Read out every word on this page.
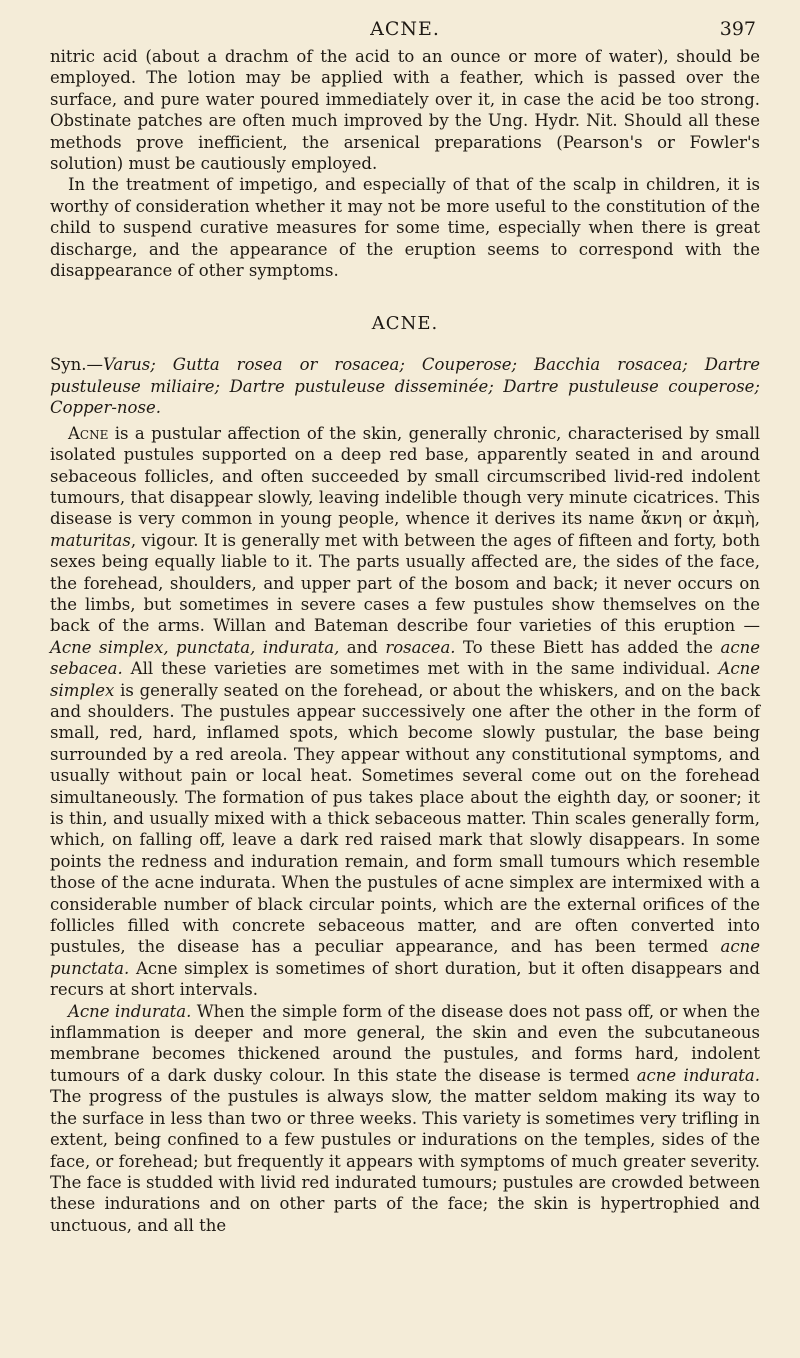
ACNE.	397

nitric acid (about a drachm of the acid to an ounce or more of water), should be employed. The lotion may be applied with a feather, which is passed over the surface, and pure water poured immediately over it, in case the acid be too strong. Obstinate patches are often much improved by the Ung. Hydr. Nit. Should all these methods prove inefficient, the arsenical preparations (Pearson's or Fowler's solution) must be cautiously employed.

In the treatment of impetigo, and especially of that of the scalp in children, it is worthy of consideration whether it may not be more useful to the constitution of the child to suspend curative measures for some time, especially when there is great discharge, and the appearance of the eruption seems to correspond with the disappearance of other symptoms.

ACNE.

Syn.—Varus; Gutta rosea or rosacea; Couperose; Bacchia rosacea; Dartre pustuleuse miliaire; Dartre pustuleuse disseminée; Dartre pustuleuse couperose; Copper-nose.

Acne is a pustular affection of the skin, generally chronic, characterised by small isolated pustules supported on a deep red base, apparently seated in and around sebaceous follicles, and often succeeded by small circumscribed livid-red indolent tumours, that disappear slowly, leaving indelible though very minute cicatrices. This disease is very common in young people, whence it derives its name ἄκνη or ἀκμὴ, maturitas, vigour. It is generally met with between the ages of fifteen and forty, both sexes being equally liable to it. The parts usually affected are, the sides of the face, the forehead, shoulders, and upper part of the bosom and back; it never occurs on the limbs, but sometimes in severe cases a few pustules show themselves on the back of the arms. Willan and Bateman describe four varieties of this eruption — Acne simplex, punctata, indurata, and rosacea. To these Biett has added the acne sebacea. All these varieties are sometimes met with in the same individual. Acne simplex is generally seated on the forehead, or about the whiskers, and on the back and shoulders. The pustules appear successively one after the other in the form of small, red, hard, inflamed spots, which become slowly pustular, the base being surrounded by a red areola. They appear without any constitutional symptoms, and usually without pain or local heat. Sometimes several come out on the forehead simultaneously. The formation of pus takes place about the eighth day, or sooner; it is thin, and usually mixed with a thick sebaceous matter. Thin scales generally form, which, on falling off, leave a dark red raised mark that slowly disappears. In some points the redness and induration remain, and form small tumours which resemble those of the acne indurata. When the pustules of acne simplex are intermixed with a considerable number of black circular points, which are the external orifices of the follicles filled with concrete sebaceous matter, and are often converted into pustules, the disease has a peculiar appearance, and has been termed acne punctata. Acne simplex is sometimes of short duration, but it often disappears and recurs at short intervals.

Acne indurata. When the simple form of the disease does not pass off, or when the inflammation is deeper and more general, the skin and even the subcutaneous membrane becomes thickened around the pustules, and forms hard, indolent tumours of a dark dusky colour. In this state the disease is termed acne indurata. The progress of the pustules is always slow, the matter seldom making its way to the surface in less than two or three weeks. This variety is sometimes very trifling in extent, being confined to a few pustules or indurations on the temples, sides of the face, or forehead; but frequently it appears with symptoms of much greater severity. The face is studded with livid red indurated tumours; pustules are crowded between these indurations and on other parts of the face; the skin is hypertrophied and unctuous, and all the
